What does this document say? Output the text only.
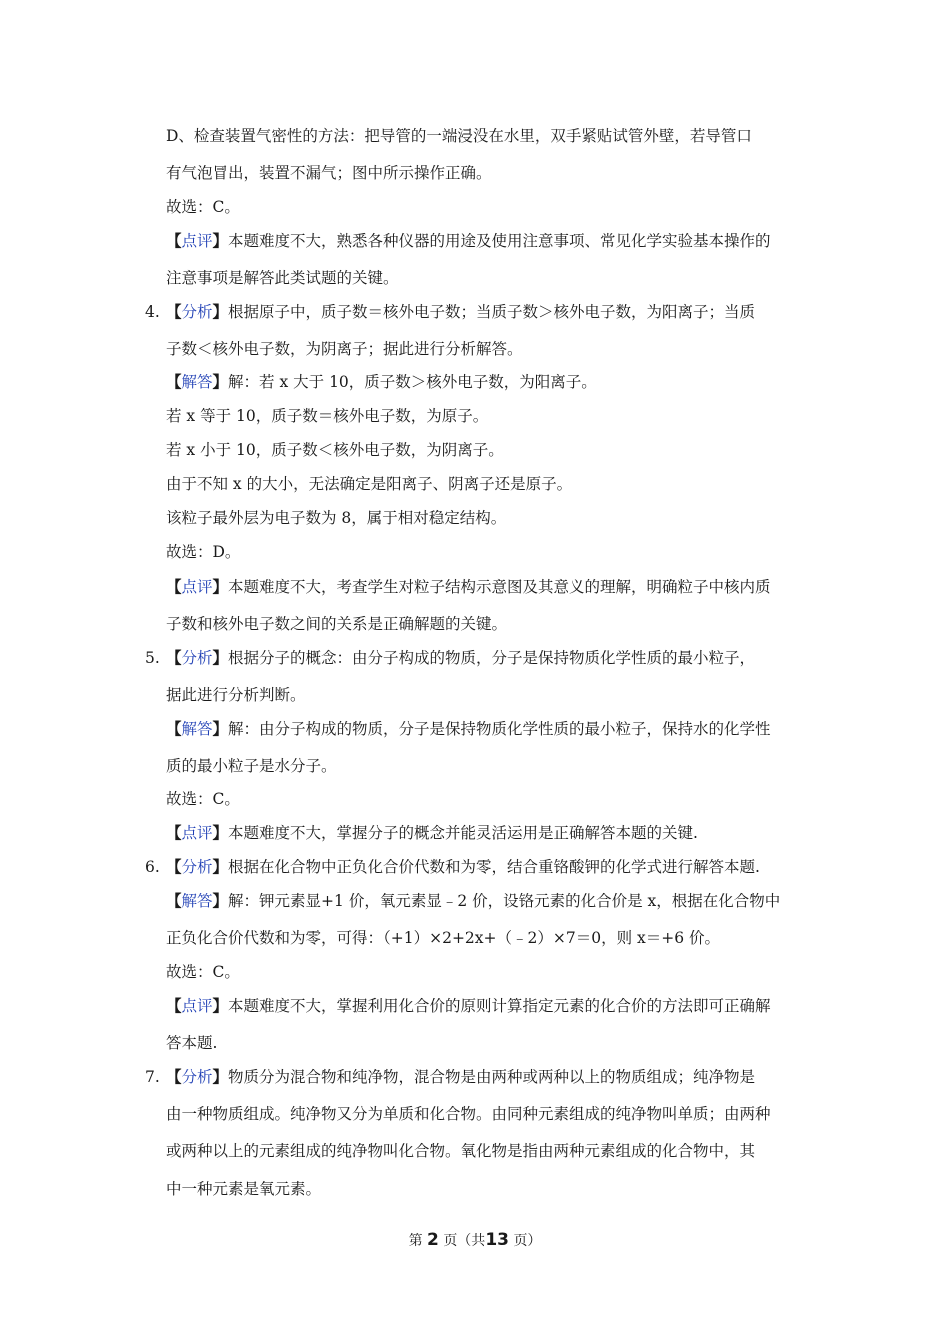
D、检查装置气密性的方法：把导管的一端浸没在水里，双手紧贴试管外壁，若导管口
有气泡冒出，装置不漏气；图中所示操作正确。
故选：C。
【点评】本题难度不大，熟悉各种仪器的用途及使用注意事项、常见化学实验基本操作的
注意事项是解答此类试题的关键。
4. 【分析】根据原子中，质子数＝核外电子数；当质子数＞核外电子数，为阳离子；当质
子数＜核外电子数，为阴离子；据此进行分析解答。
【解答】解：若 x 大于 10，质子数＞核外电子数，为阳离子。
若 x 等于 10，质子数＝核外电子数，为原子。
若 x 小于 10，质子数＜核外电子数，为阴离子。
由于不知 x 的大小，无法确定是阳离子、阴离子还是原子。
该粒子最外层为电子数为 8，属于相对稳定结构。
故选：D。
【点评】本题难度不大，考查学生对粒子结构示意图及其意义的理解，明确粒子中核内质
子数和核外电子数之间的关系是正确解题的关键。
5. 【分析】根据分子的概念：由分子构成的物质，分子是保持物质化学性质的最小粒子，
据此进行分析判断。
【解答】解：由分子构成的物质，分子是保持物质化学性质的最小粒子，保持水的化学性
质的最小粒子是水分子。
故选：C。
【点评】本题难度不大，掌握分子的概念并能灵活运用是正确解答本题的关键.
6. 【分析】根据在化合物中正负化合价代数和为零，结合重铬酸钾的化学式进行解答本题.
【解答】解：钾元素显+1 价，氧元素显﹣2 价，设铬元素的化合价是 x，根据在化合物中
正负化合价代数和为零，可得：（+1）×2+2x+（﹣2）×7＝0，则 x＝+6 价。
故选：C。
【点评】本题难度不大，掌握利用化合价的原则计算指定元素的化合价的方法即可正确解
答本题.
7. 【分析】物质分为混合物和纯净物，混合物是由两种或两种以上的物质组成；纯净物是
由一种物质组成。纯净物又分为单质和化合物。由同种元素组成的纯净物叫单质；由两种
或两种以上的元素组成的纯净物叫化合物。氧化物是指由两种元素组成的化合物中，其
中一种元素是氧元素。
第 2 页（共13 页）
